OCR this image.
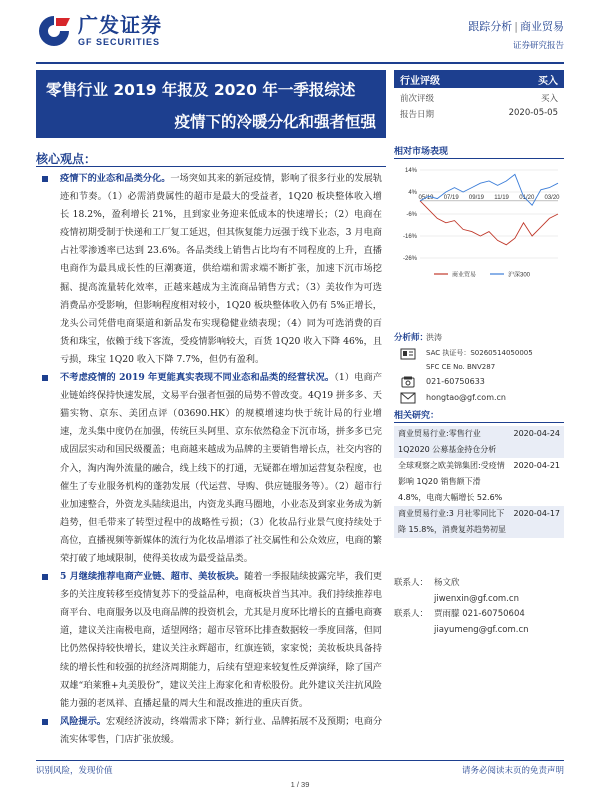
广发证券
GF SECURITIES
跟踪分析 | 商业贸易
证券研究报告
零售行业 2019 年报及 2020 年一季报综述
疫情下的冷暖分化和强者恒强
行业评级	买入
前次评级	买入
报告日期	2020-05-05
核心观点：
疫情下的业态和品类分化。一场突如其来的新冠疫情，影响了很多行业的发展轨迹和节奏。（1）必需消费属性的超市是最大的受益者，1Q20 板块整体收入增长 18.2%，盈利增长 21%，且到家业务迎来低成本的快速增长；（2）电商在疫情初期受制于快递和工厂复工延迟，但其恢复能力远强于线下业态，3 月电商占社零渗透率已达到 23.6%。各品类线上销售占比均有不同程度的上升，直播电商作为最具成长性的巨潮赛道，供给端和需求端不断扩张，加速下沉市场挖掘、提高流量转化效率，正越来越成为主流商品销售方式；（3）美妆作为可选消费品亦受影响，但影响程度相对较小，1Q20 板块整体收入仍有 5%正增长，龙头公司凭借电商渠道和新品发布实现稳健业绩表现；（4）同为可选消费的百货和珠宝，依赖于线下客流，受疫情影响较大，百货 1Q20 收入下降 46%，且亏损，珠宝 1Q20 收入下降 7.7%，但仍有盈利。
不考虑疫情的 2019 年更能真实表现不同业态和品类的经营状况。（1）电商产业链始终保持快速发展，文易平台强者恒强的局势不曾改变。4Q19 拼多多、天猫实物、京东、美团点评（03690.HK）的规模增速均快于统计局的行业增速，龙头集中度仍在加强，传统巨头阿里、京东依然稳金下沉市场，拼多多已完成固层实动和国民级覆盖；电商越来越成为品牌的主要销售增长点，社交内容的介入，淘内淘外流量的融合，线上线下的打通，无疑都在增加运营复杂程度，也催生了专业服务机构的蓬勃发展（代运营、导购、供应链服务等）。（2）超市行业加速整合，外资龙头陆续退出，内资龙头跑马圈地，小业态及到家业务成为新趋势，但毛带来了转型过程中的战略性亏损；（3）化妆品行业景气度持续处于高位，直播视频等新媒体的流行为化妆品增添了社交属性和公众效应，电商的繁荣打破了地域限制，使得美妆成为最受益品类。
5 月继续推荐电商产业链、超市、美妆板块。随着一季报陆续披露完毕，我们更多的关注度转移至疫情复苏下的受益品种，电商板块首当其冲。我们持续推荐电商平台、电商服务以及电商品牌的投资机会，尤其是月度环比增长的直播电商赛道，建议关注南极电商，适望网络；超市尽管环比排查数据较一季度回落，但同比仍然保持较快增长，建议关注永辉超市，红旗连锁，家家悦；美妆板块具备持续的增长性和较强的抗经济周期能力，后续有望迎来较复性反弹演绎，除了国产双雄“珀莱雅+丸美股份”，建议关注上海家化和青松股份。此外建议关注抗风险能力强的老凤祥、直播起量的周大生和混改推进的重庆百货。
风险提示。宏观经济波动，终端需求下降；新行业、品牌拓展不及预期；电商分流实体零售，门店扩张放缓。
相对市场表现
14%
4%
-6%
-16%
-26%
05/19 07/19 09/19 11/19 01/20 03/20
商业贸易	沪深300
分析师：
洪涛
SAC 执证号：S0260514050005
SFC CE No. BNV287
021-60750633
hongtao@gf.com.cn
相关研究：
商业贸易行业:零售行业1Q2020 公募基金持仓分析
2020-04-24
全球观察之欧美锦集团:受疫情影响 1Q20 销售额下滑4.8%，电商大幅增长 52.6%
2020-04-21
商业贸易行业:3 月社零同比下降 15.8%，消费复苏趋势初显
2020-04-17
联系人： 杨文欣
jiwenxin@gf.com.cn
联系人： 贾雨朦 021-60750604
jiayumeng@gf.com.cn
识别风险，发现价值	请务必阅读末页的免责声明
1 / 39
